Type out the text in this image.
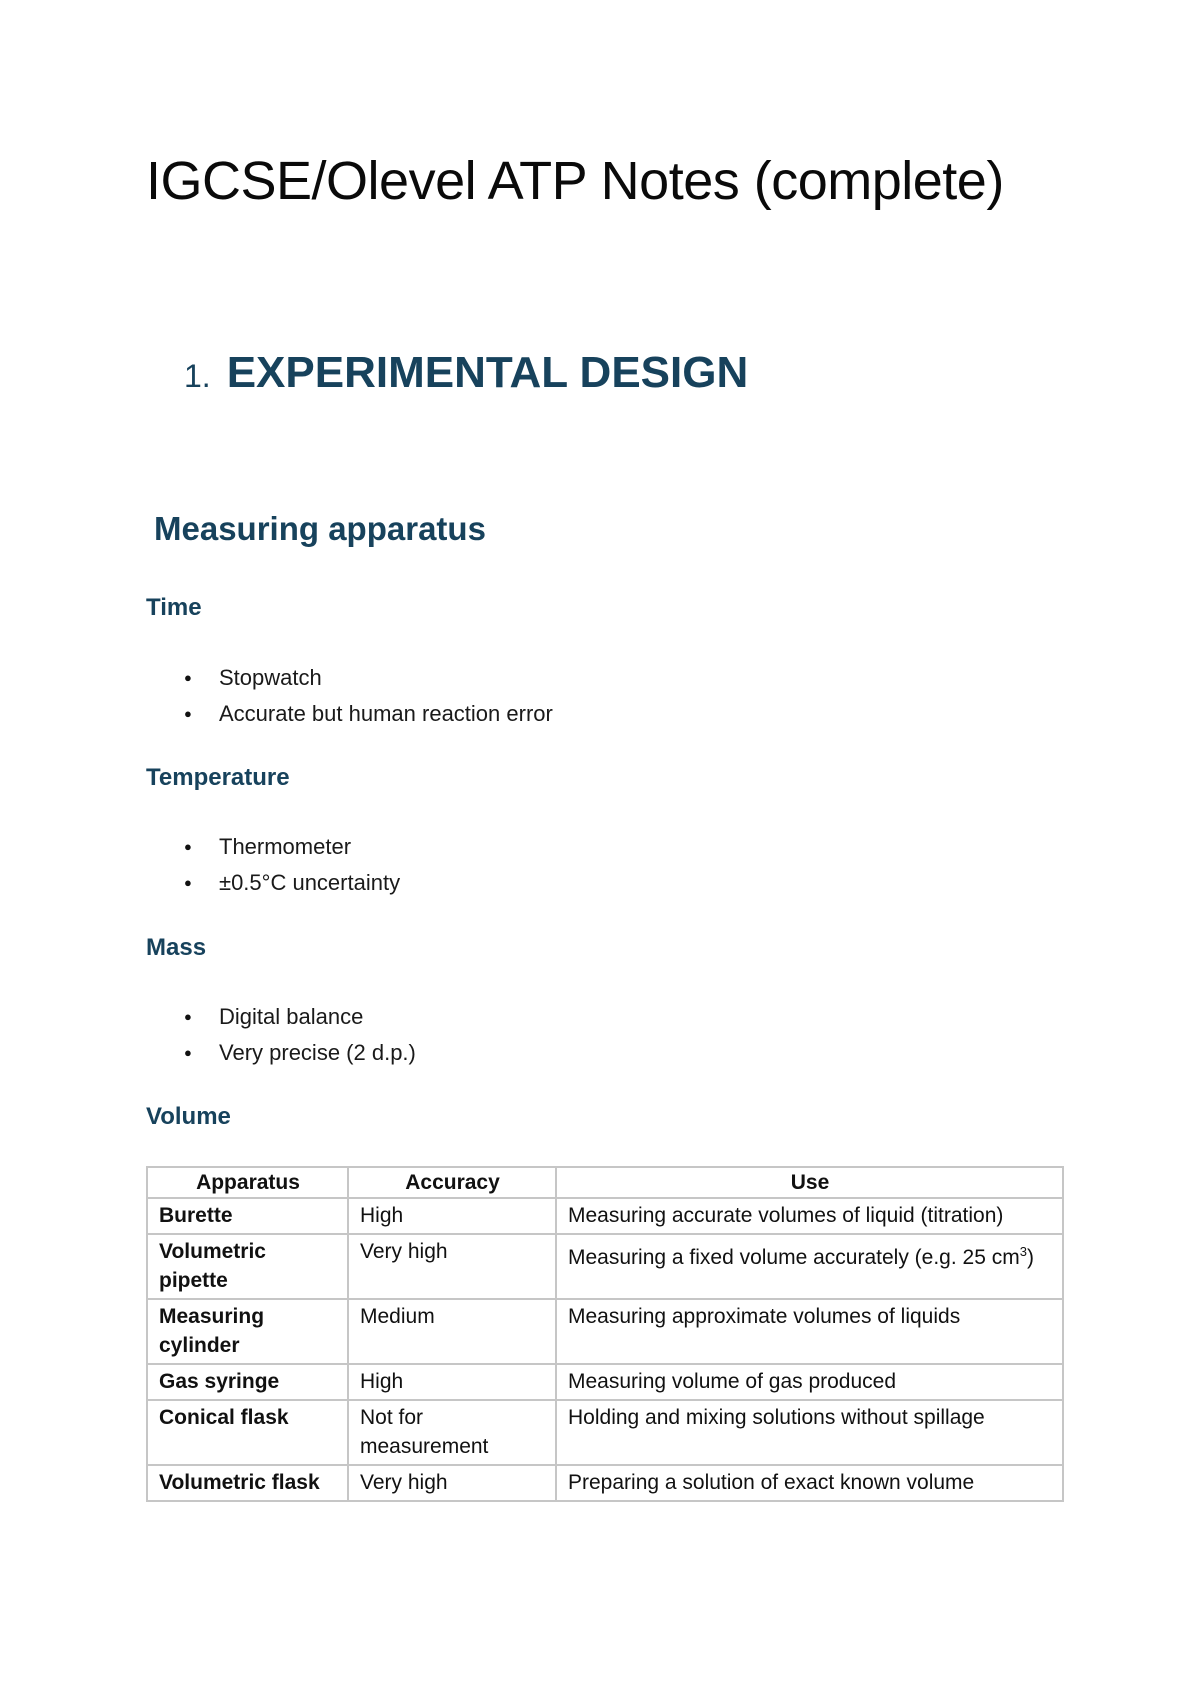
IGCSE/Olevel ATP Notes (complete)
1. EXPERIMENTAL DESIGN
Measuring apparatus
Time
● Stopwatch
● Accurate but human reaction error
Temperature
● Thermometer
● ±0.5°C uncertainty
Mass
● Digital balance
● Very precise (2 d.p.)
Volume
Apparatus	Accuracy	Use
Burette	High	Measuring accurate volumes of liquid (titration)
Volumetric pipette	Very high	Measuring a fixed volume accurately (e.g. 25 $cm^3$)
Measuring cylinder	Medium	Measuring approximate volumes of liquids
Gas syringe	High	Measuring volume of gas produced
Conical flask	Not for measurement	Holding and mixing solutions without spillage
Volumetric flask	Very high	Preparing a solution of exact known volume
